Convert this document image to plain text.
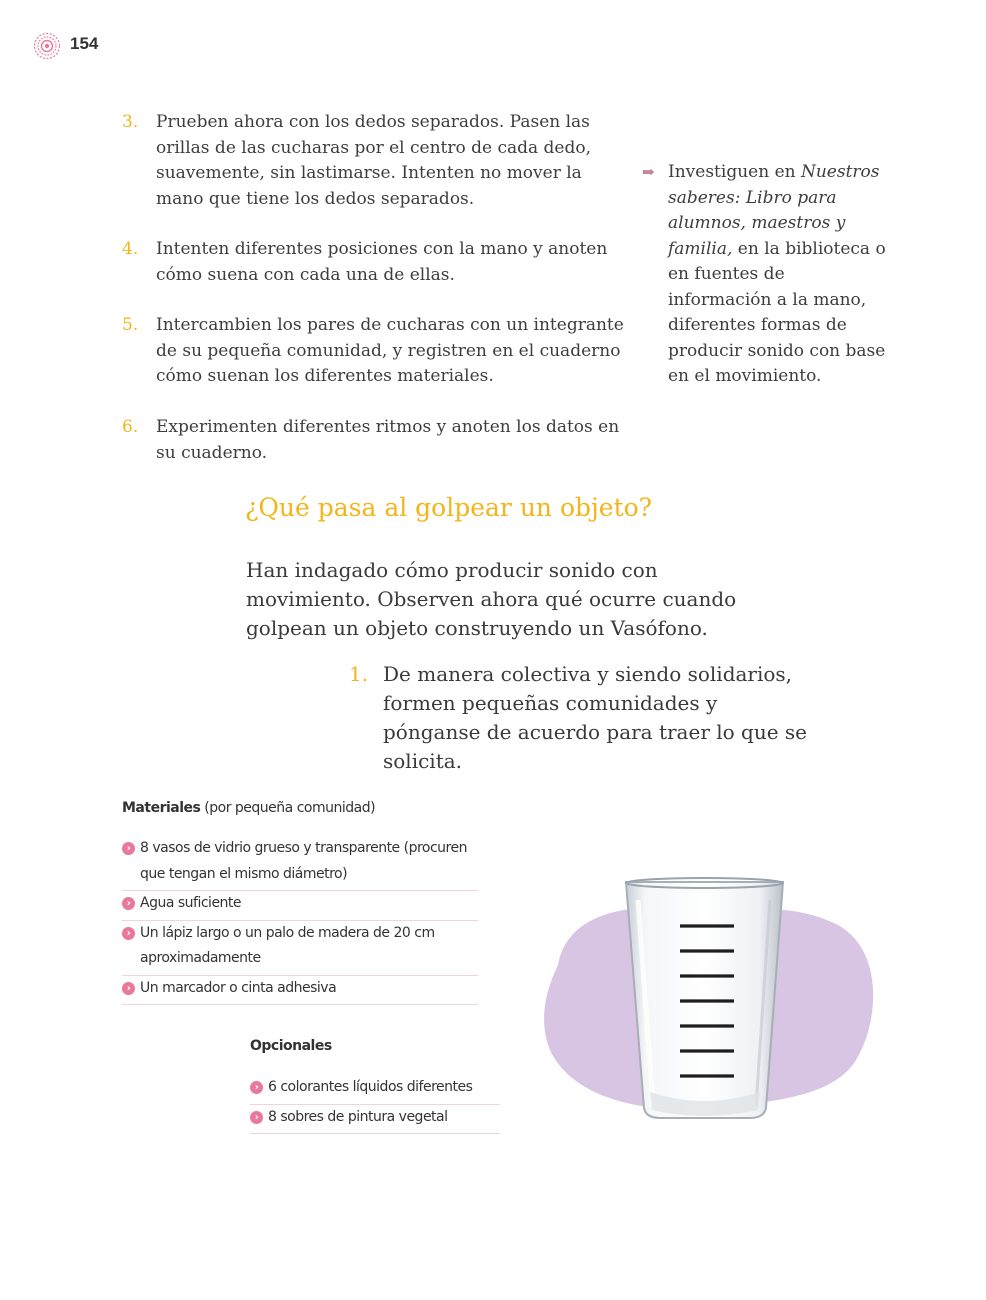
154
3.	Prueben ahora con los dedos separados. Pasen las orillas de las cucharas por el centro de cada dedo, suavemente, sin lastimarse. Intenten no mover la mano que tiene los dedos separados.
4.	Intenten diferentes posiciones con la mano y anoten cómo suena con cada una de ellas.
5.	Intercambien los pares de cucharas con un integrante de su pequeña comunidad, y registren en el cuaderno cómo suenan los diferentes materiales.
6.	Experimenten diferentes ritmos y anoten los datos en su cuaderno.
➡ Investiguen en Nuestros saberes: Libro para alumnos, maestros y familia, en la biblioteca o en fuentes de información a la mano, diferentes formas de producir sonido con base en el movimiento.
¿Qué pasa al golpear un objeto?
Han indagado cómo producir sonido con movimiento. Observen ahora qué ocurre cuando golpean un objeto construyendo un Vasófono.
1. De manera colectiva y siendo solidarios, formen pequeñas comunidades y pónganse de acuerdo para traer lo que se solicita.
Materiales (por pequeña comunidad)
› 8 vasos de vidrio grueso y transparente (procuren que tengan el mismo diámetro)
› Agua suficiente
› Un lápiz largo o un palo de madera de 20 cm aproximadamente
› Un marcador o cinta adhesiva
Opcionales
› 6 colorantes líquidos diferentes
› 8 sobres de pintura vegetal
